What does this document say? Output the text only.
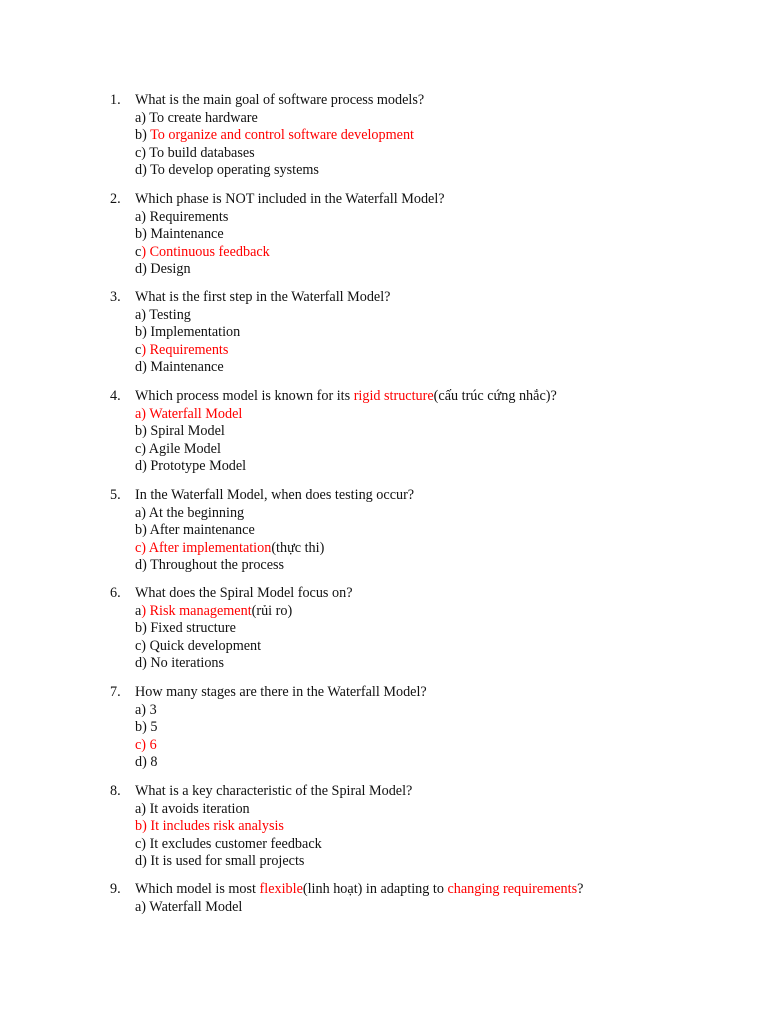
1.	What is the main goal of software process models?
a) To create hardware
b) To organize and control software development
c) To build databases
d) To develop operating systems
2.	Which phase is NOT included in the Waterfall Model?
a) Requirements
b) Maintenance
c) Continuous feedback
d) Design
3.	What is the first step in the Waterfall Model?
a) Testing
b) Implementation
c) Requirements
d) Maintenance
4.	Which process model is known for its rigid structure(cấu trúc cứng nhắc)?
a) Waterfall Model
b) Spiral Model
c) Agile Model
d) Prototype Model
5.	In the Waterfall Model, when does testing occur?
a) At the beginning
b) After maintenance
c) After implementation(thực thi)
d) Throughout the process
6.	What does the Spiral Model focus on?
a) Risk management(rủi ro)
b) Fixed structure
c) Quick development
d) No iterations
7.	How many stages are there in the Waterfall Model?
a) 3
b) 5
c) 6
d) 8
8.	What is a key characteristic of the Spiral Model?
a) It avoids iteration
b) It includes risk analysis
c) It excludes customer feedback
d) It is used for small projects
9.	Which model is most flexible(linh hoạt) in adapting to changing requirements?
a) Waterfall Model
